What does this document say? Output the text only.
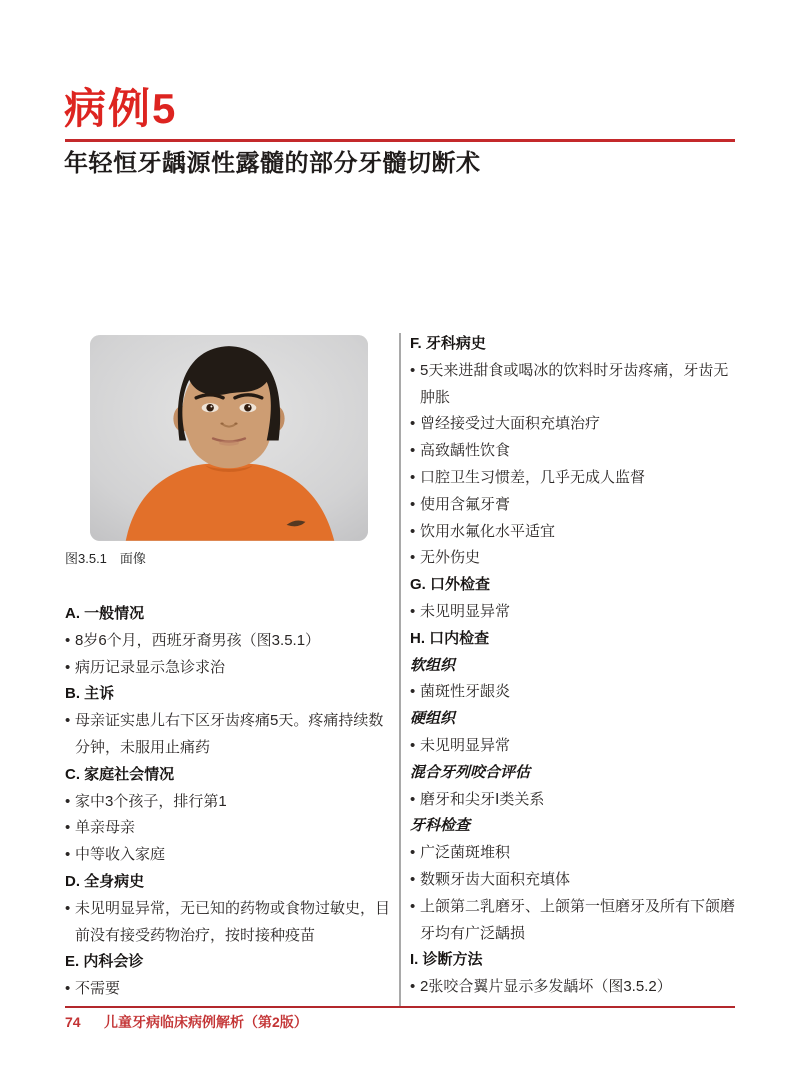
病例5
年轻恒牙龋源性露髓的部分牙髓切断术
图3.5.1　面像
A. 一般情况
• 8岁6个月，西班牙裔男孩（图3.5.1）
• 病历记录显示急诊求治
B. 主诉
• 母亲证实患儿右下区牙齿疼痛5天。疼痛持续数分钟，未服用止痛药
C. 家庭社会情况
• 家中3个孩子，排行第1
• 单亲母亲
• 中等收入家庭
D. 全身病史
• 未见明显异常，无已知的药物或食物过敏史，目前没有接受药物治疗，按时接种疫苗
E. 内科会诊
• 不需要
F. 牙科病史
• 5天来进甜食或喝冰的饮料时牙齿疼痛，牙齿无肿胀
• 曾经接受过大面积充填治疗
• 高致龋性饮食
• 口腔卫生习惯差，几乎无成人监督
• 使用含氟牙膏
• 饮用水氟化水平适宜
• 无外伤史
G. 口外检查
• 未见明显异常
H. 口内检查
软组织
• 菌斑性牙龈炎
硬组织
• 未见明显异常
混合牙列咬合评估
• 磨牙和尖牙Ⅰ类关系
牙科检查
• 广泛菌斑堆积
• 数颗牙齿大面积充填体
• 上颌第二乳磨牙、上颌第一恒磨牙及所有下颌磨牙均有广泛龋损
I. 诊断方法
• 2张咬合翼片显示多发龋坏（图3.5.2）
74	儿童牙病临床病例解析（第2版）
